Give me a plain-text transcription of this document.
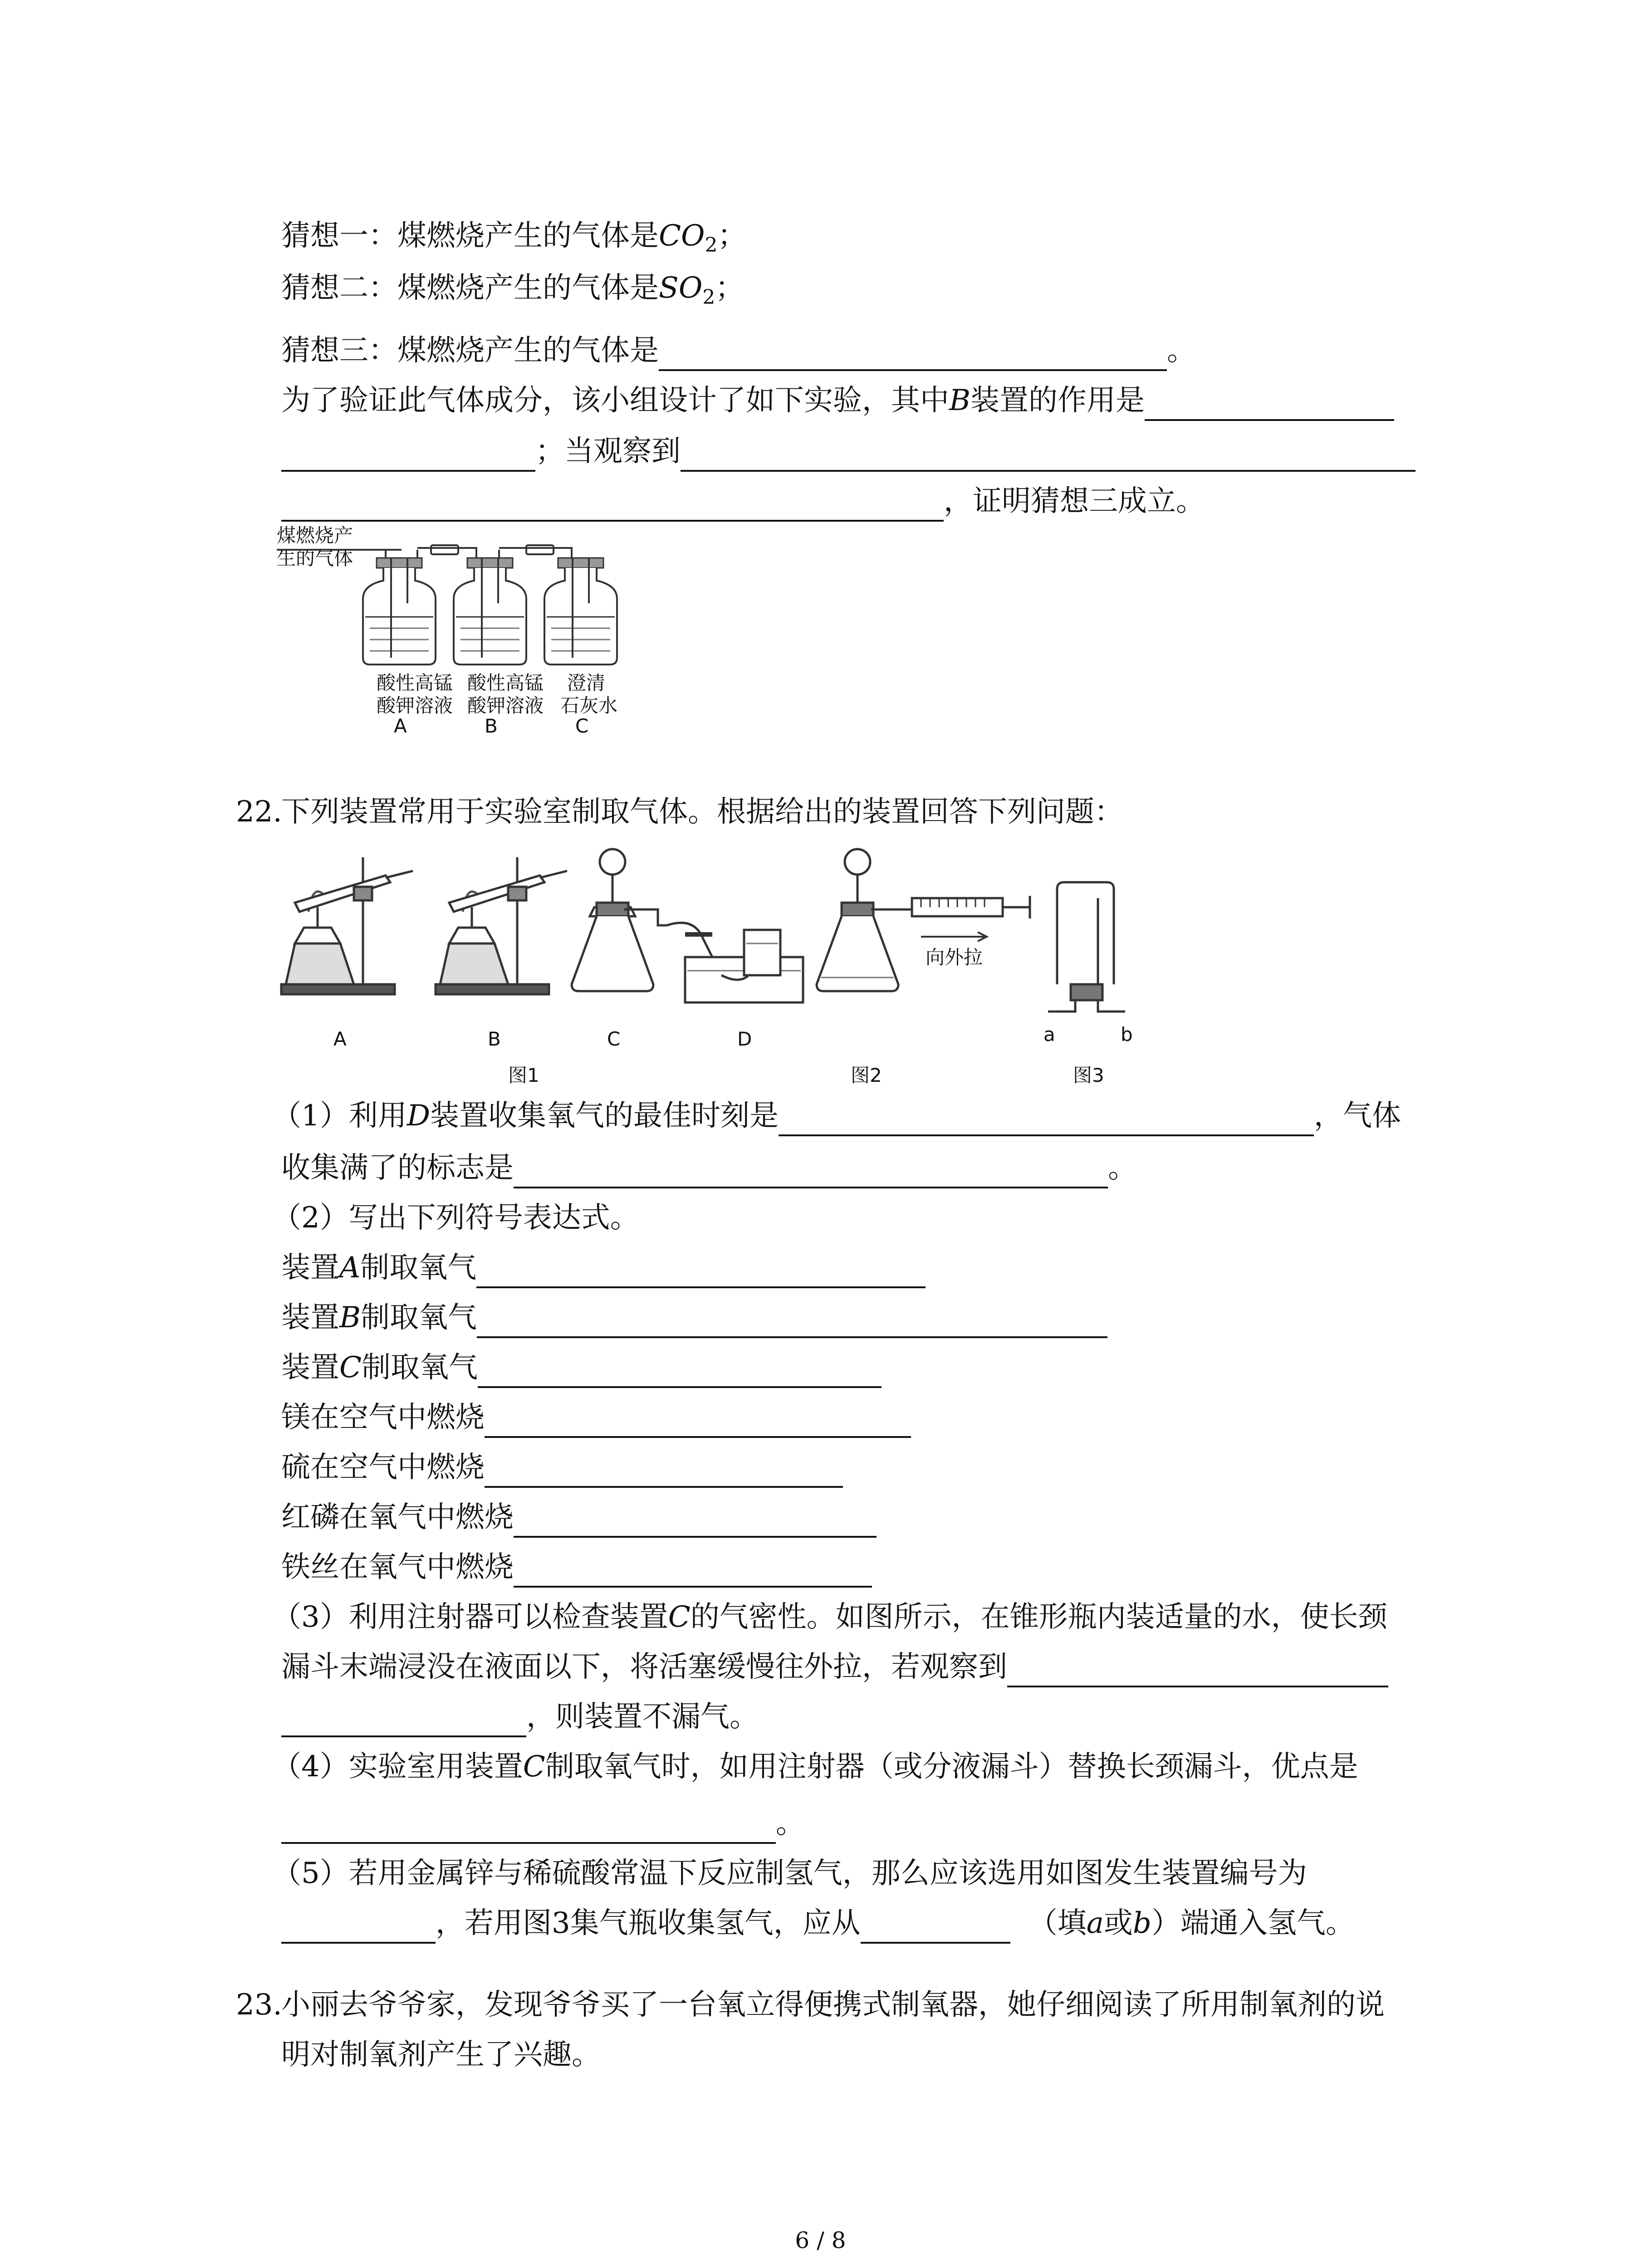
猜想一：煤燃烧产生的气体是$CO_2$；
猜想二：煤燃烧产生的气体是$SO_2$；
猜想三：煤燃烧产生的气体是	。
为了验证此气体成分，该小组设计了如下实验，其中B装置的作用是
；当观察到
，证明猜想三成立。
煤燃烧产
生的气体
酸性高锰
酸钾溶液
A
酸性高锰
酸钾溶液
B
澄清
石灰水
C
22.
下列装置常用于实验室制取气体。根据给出的装置回答下列问题：
A	B	C	D
图1
向外拉
图2
a	b
图3
（1）利用D装置收集氧气的最佳时刻是	，气体
收集满了的标志是	。
（2）写出下列符号表达式。
装置A制取氧气
装置B制取氧气
装置C制取氧气
镁在空气中燃烧
硫在空气中燃烧
红磷在氧气中燃烧
铁丝在氧气中燃烧
（3）利用注射器可以检查装置C的气密性。如图所示，在锥形瓶内装适量的水，使长颈
漏斗末端浸没在液面以下，将活塞缓慢往外拉，若观察到
，则装置不漏气。
（4）实验室用装置C制取氧气时，如用注射器（或分液漏斗）替换长颈漏斗，优点是
。
（5）若用金属锌与稀硫酸常温下反应制氢气，那么应该选用如图发生装置编号为
，若用图3集气瓶收集氢气，应从	（填a或b）端通入氢气。
23.
小丽去爷爷家，发现爷爷买了一台氧立得便携式制氧器，她仔细阅读了所用制氧剂的说
明对制氧剂产生了兴趣。
6 / 8
